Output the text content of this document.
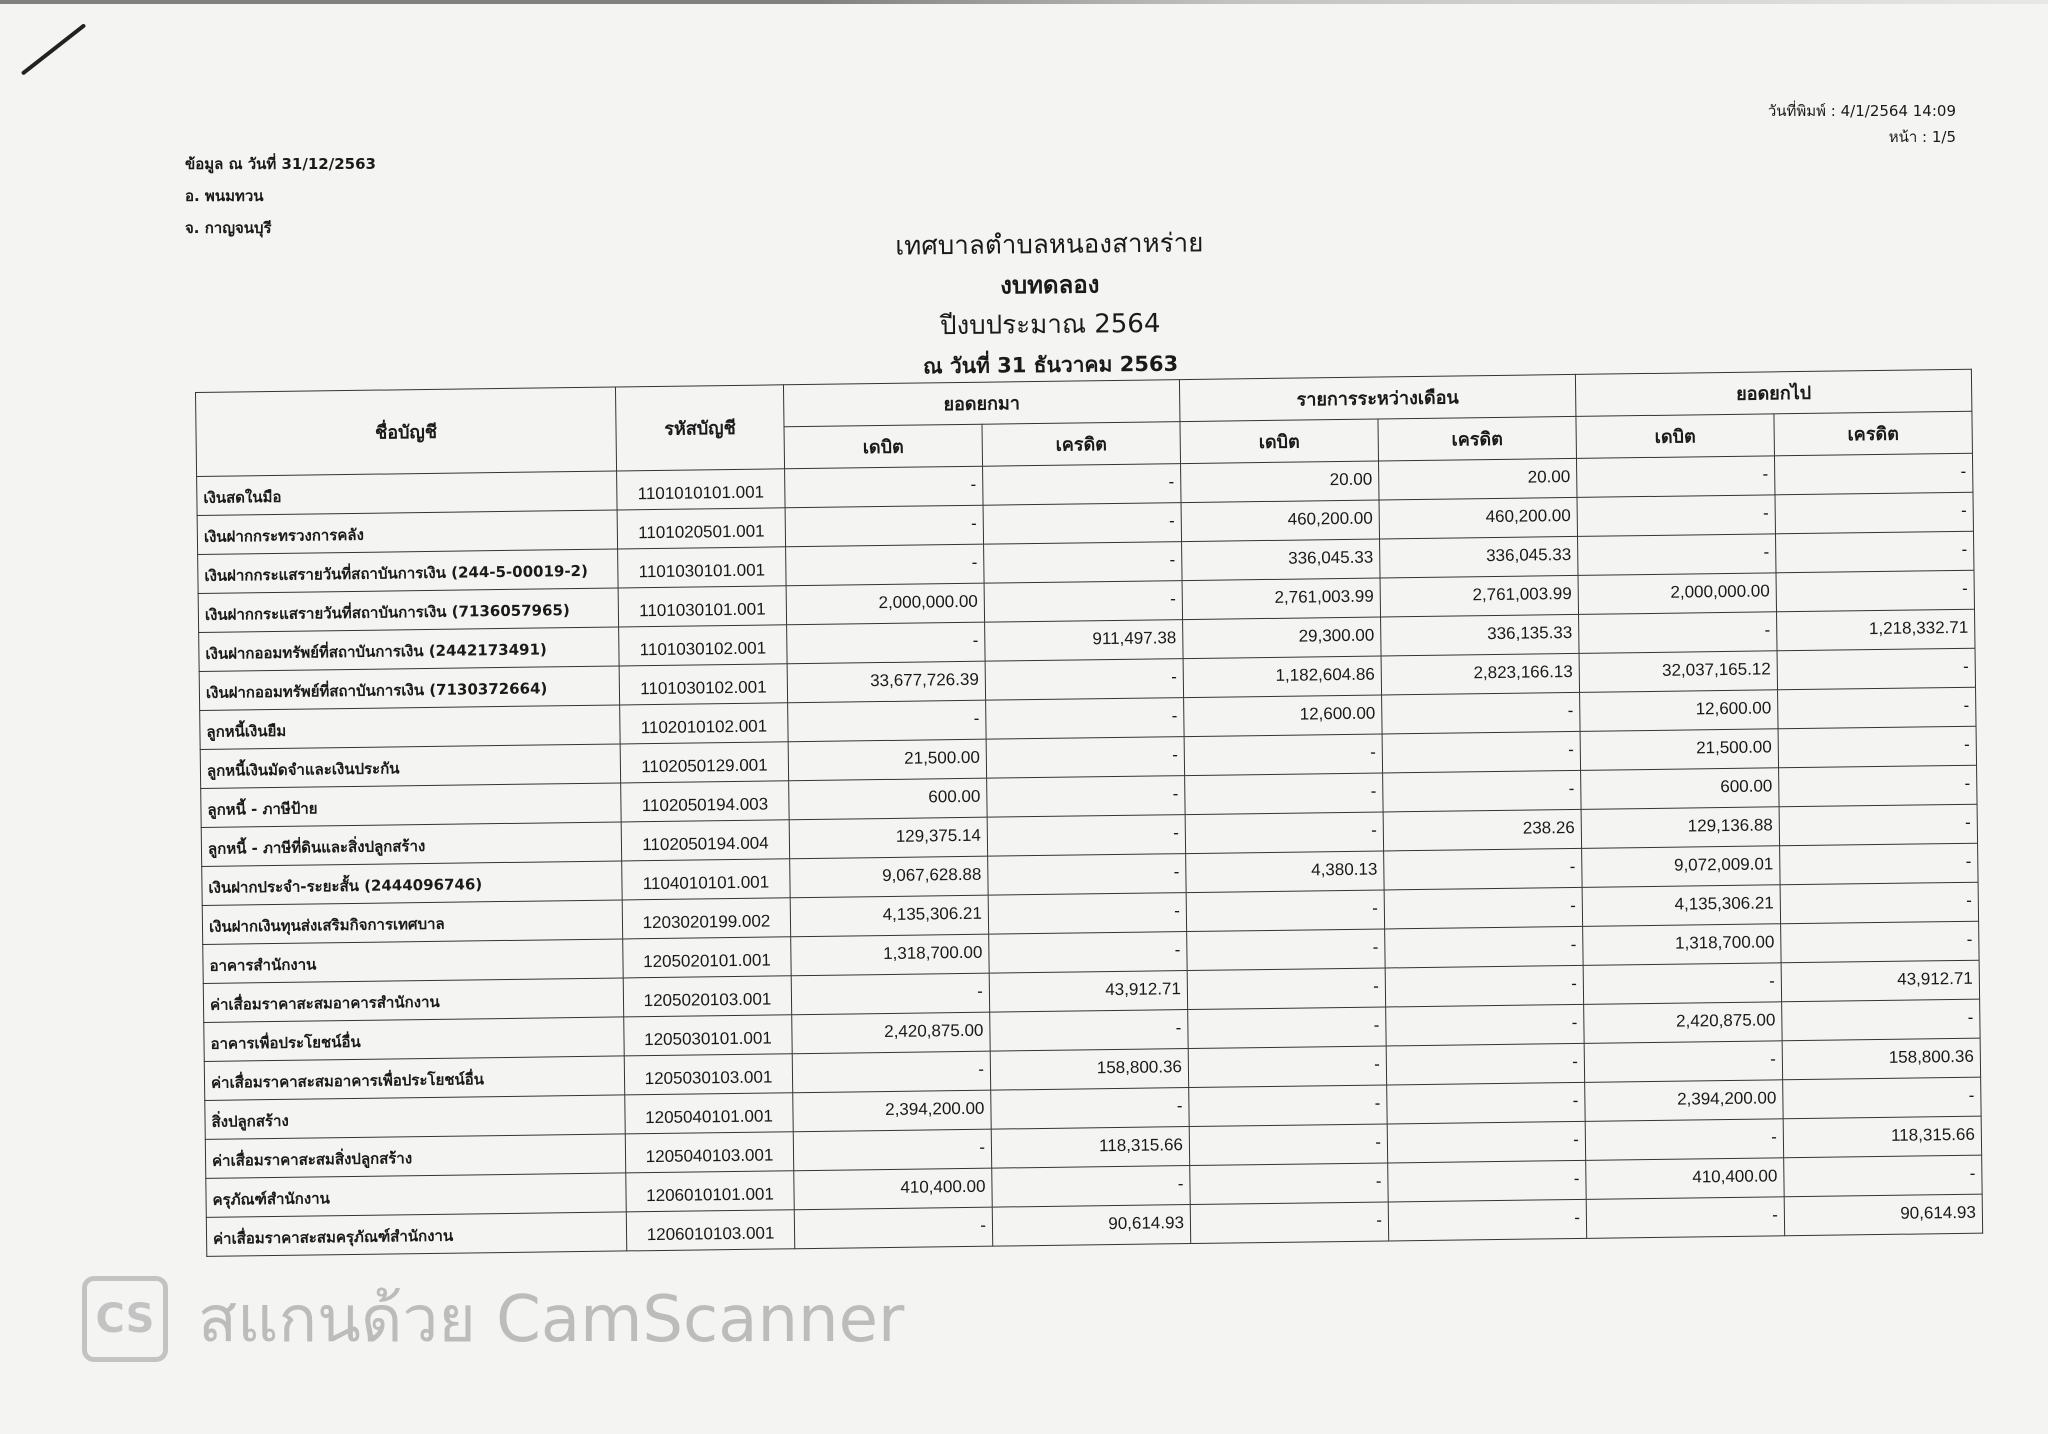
วันที่พิมพ์ : 4/1/2564 14:09
หน้า : 1/5
ข้อมูล ณ วันที่ 31/12/2563
อ. พนมทวน
จ. กาญจนบุรี
เทศบาลตำบลหนองสาหร่าย
งบทดลอง
ปีงบประมาณ 2564
ณ วันที่ 31 ธันวาคม 2563
ชื่อบัญชี	รหัสบัญชี	ยอดยกมา		รายการระหว่างเดือน		ยอดยกไป	
		เดบิต	เครดิต	เดบิต	เครดิต	เดบิต	เครดิต
เงินสดในมือ	1101010101.001	-	-	20.00	20.00	-	-
เงินฝากกระทรวงการคลัง	1101020501.001	-	-	460,200.00	460,200.00	-	-
เงินฝากกระแสรายวันที่สถาบันการเงิน (244-5-00019-2)	1101030101.001	-	-	336,045.33	336,045.33	-	-
เงินฝากกระแสรายวันที่สถาบันการเงิน (7136057965)	1101030101.001	2,000,000.00	-	2,761,003.99	2,761,003.99	2,000,000.00	-
เงินฝากออมทรัพย์ที่สถาบันการเงิน (2442173491)	1101030102.001	-	911,497.38	29,300.00	336,135.33	-	1,218,332.71
เงินฝากออมทรัพย์ที่สถาบันการเงิน (7130372664)	1101030102.001	33,677,726.39	-	1,182,604.86	2,823,166.13	32,037,165.12	-
ลูกหนี้เงินยืม	1102010102.001	-	-	12,600.00	-	12,600.00	-
ลูกหนี้เงินมัดจำและเงินประกัน	1102050129.001	21,500.00	-	-	-	21,500.00	-
ลูกหนี้ - ภาษีป้าย	1102050194.003	600.00	-	-	-	600.00	-
ลูกหนี้ - ภาษีที่ดินและสิ่งปลูกสร้าง	1102050194.004	129,375.14	-	-	238.26	129,136.88	-
เงินฝากประจำ-ระยะสั้น (2444096746)	1104010101.001	9,067,628.88	-	4,380.13	-	9,072,009.01	-
เงินฝากเงินทุนส่งเสริมกิจการเทศบาล	1203020199.002	4,135,306.21	-	-	-	4,135,306.21	-
อาคารสำนักงาน	1205020101.001	1,318,700.00	-	-	-	1,318,700.00	-
ค่าเสื่อมราคาสะสมอาคารสำนักงาน	1205020103.001	-	43,912.71	-	-	-	43,912.71
อาคารเพื่อประโยชน์อื่น	1205030101.001	2,420,875.00	-	-	-	2,420,875.00	-
ค่าเสื่อมราคาสะสมอาคารเพื่อประโยชน์อื่น	1205030103.001	-	158,800.36	-	-	-	158,800.36
สิ่งปลูกสร้าง	1205040101.001	2,394,200.00	-	-	-	2,394,200.00	-
ค่าเสื่อมราคาสะสมสิ่งปลูกสร้าง	1205040103.001	-	118,315.66	-	-	-	118,315.66
ครุภัณฑ์สำนักงาน	1206010101.001	410,400.00	-	-	-	410,400.00	-
ค่าเสื่อมราคาสะสมครุภัณฑ์สำนักงาน	1206010103.001	-	90,614.93	-	-	-	90,614.93
CS สแกนด้วย CamScanner
